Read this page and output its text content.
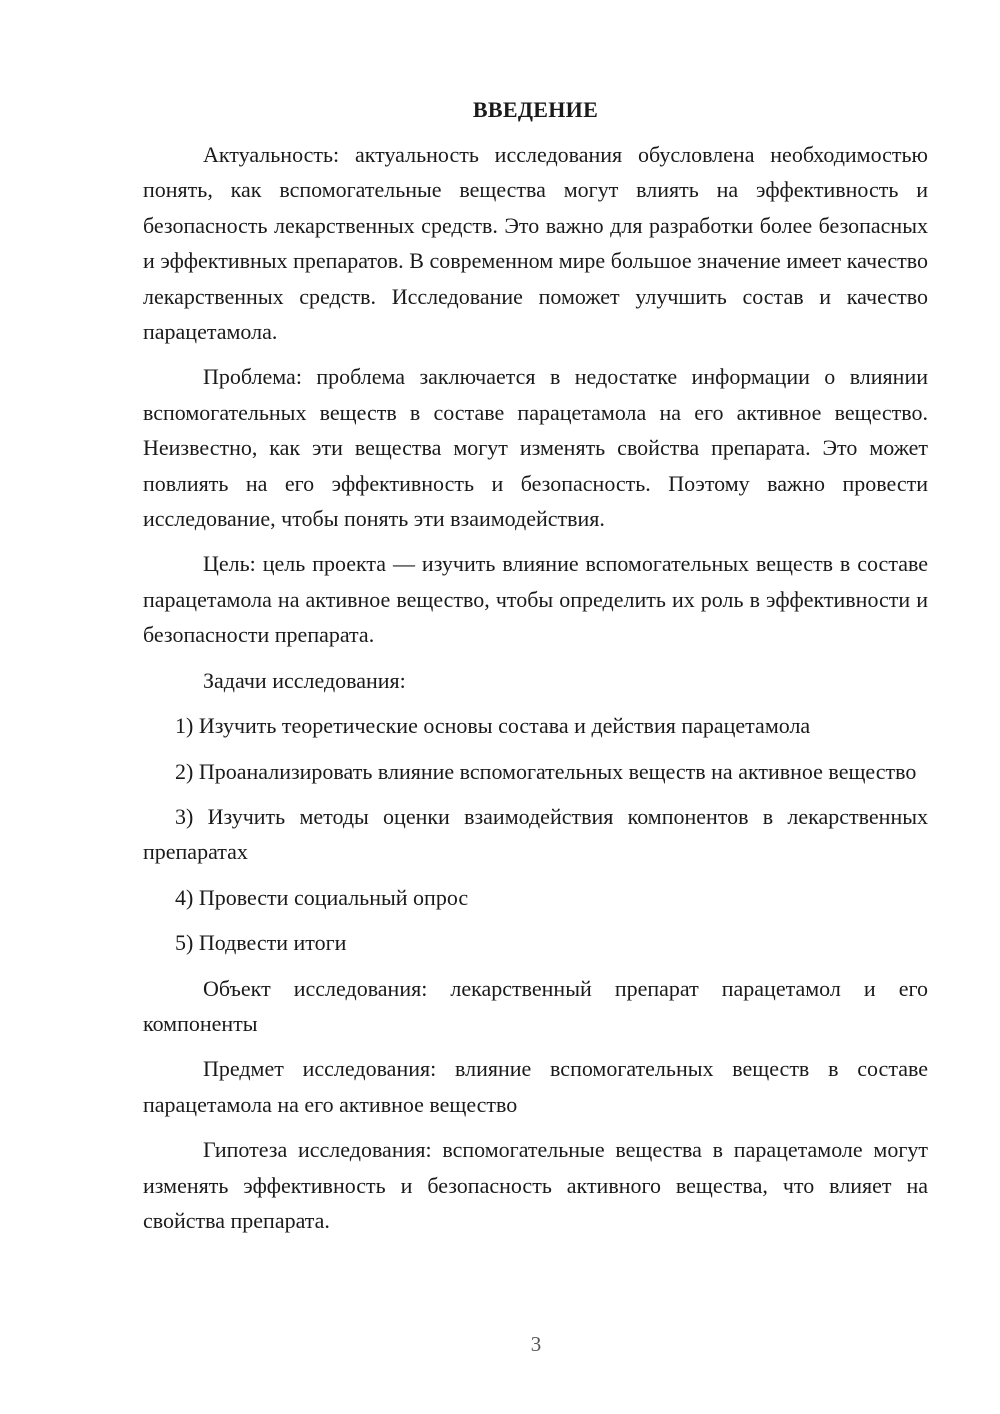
ВВЕДЕНИЕ

Актуальность: актуальность исследования обусловлена необходимостью понять, как вспомогательные вещества могут влиять на эффективность и безопасность лекарственных средств. Это важно для разработки более безопасных и эффективных препаратов. В современном мире большое значение имеет качество лекарственных средств. Исследование поможет улучшить состав и качество парацетамола.

Проблема: проблема заключается в недостатке информации о влиянии вспомогательных веществ в составе парацетамола на его активное вещество. Неизвестно, как эти вещества могут изменять свойства препарата. Это может повлиять на его эффективность и безопасность. Поэтому важно провести исследование, чтобы понять эти взаимодействия.

Цель: цель проекта — изучить влияние вспомогательных веществ в составе парацетамола на активное вещество, чтобы определить их роль в эффективности и безопасности препарата.

Задачи исследования:

1) Изучить теоретические основы состава и действия парацетамола

2) Проанализировать влияние вспомогательных веществ на активное вещество

3) Изучить методы оценки взаимодействия компонентов в лекарственных препаратах

4) Провести социальный опрос

5) Подвести итоги

Объект исследования: лекарственный препарат парацетамол и его компоненты

Предмет исследования: влияние вспомогательных веществ в составе парацетамола на его активное вещество

Гипотеза исследования: вспомогательные вещества в парацетамоле могут изменять эффективность и безопасность активного вещества, что влияет на свойства препарата.

3
